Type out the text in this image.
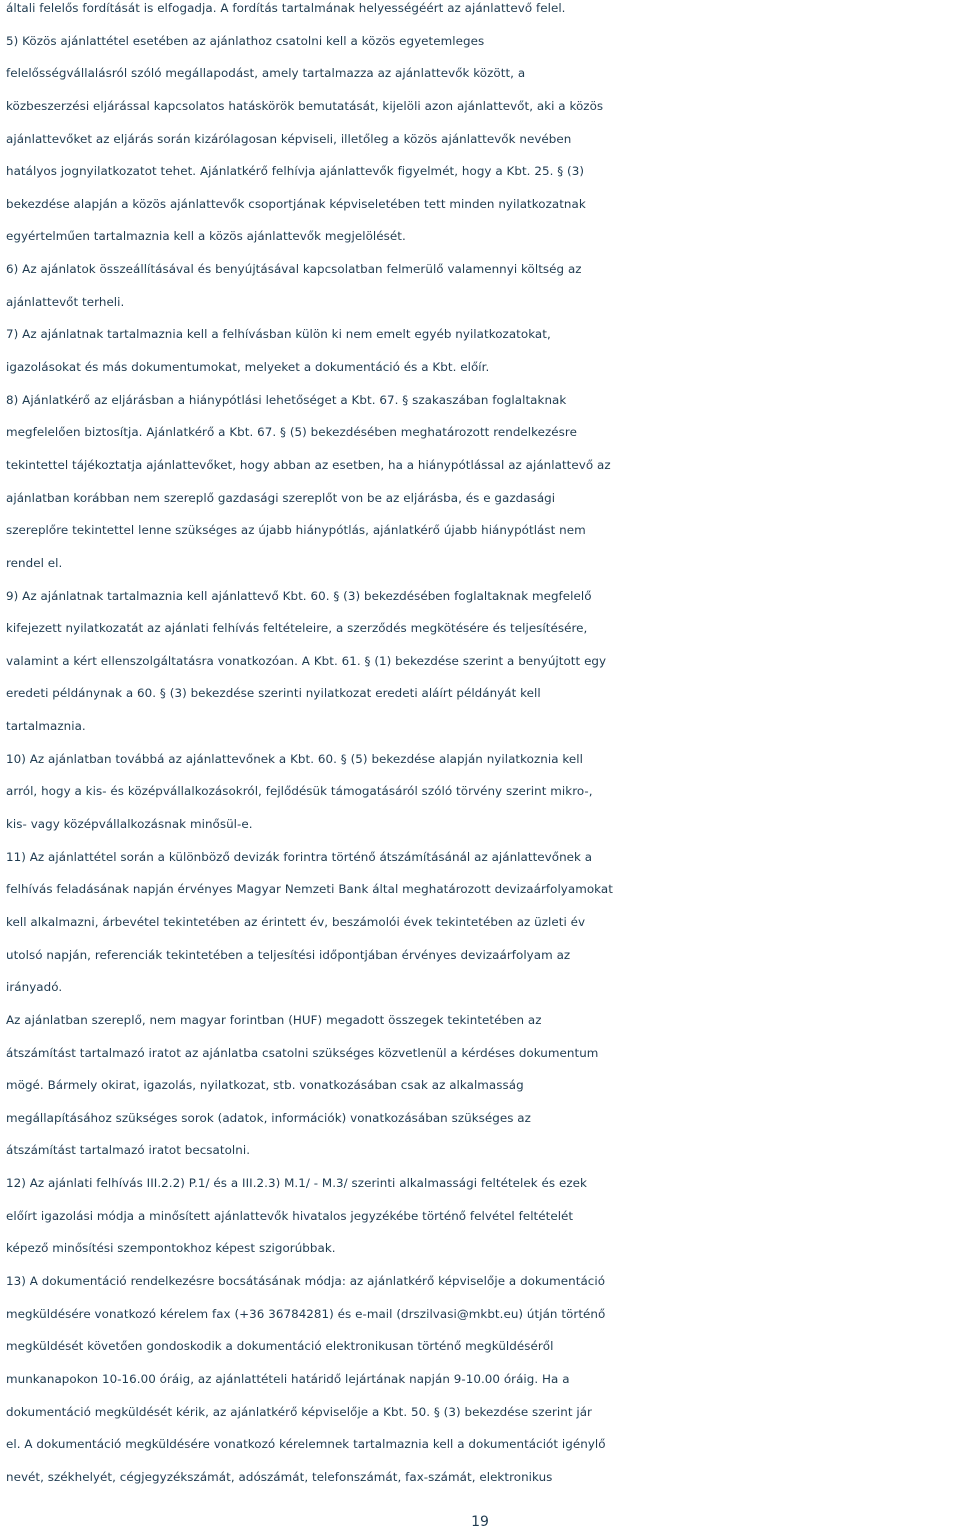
általi felelős fordítását is elfogadja. A fordítás tartalmának helyességéért az ajánlattevő felel.
5) Közös ajánlattétel esetében az ajánlathoz csatolni kell a közös egyetemleges
felelősségvállalásról szóló megállapodást, amely tartalmazza az ajánlattevők között, a
közbeszerzési eljárással kapcsolatos hatáskörök bemutatását, kijelöli azon ajánlattevőt, aki a közös
ajánlattevőket az eljárás során kizárólagosan képviseli, illetőleg a közös ajánlattevők nevében
hatályos jognyilatkozatot tehet. Ajánlatkérő felhívja ajánlattevők figyelmét, hogy a Kbt. 25. § (3)
bekezdése alapján a közös ajánlattevők csoportjának képviseletében tett minden nyilatkozatnak
egyértelműen tartalmaznia kell a közös ajánlattevők megjelölését.
6) Az ajánlatok összeállításával és benyújtásával kapcsolatban felmerülő valamennyi költség az
ajánlattevőt terheli.
7) Az ajánlatnak tartalmaznia kell a felhívásban külön ki nem emelt egyéb nyilatkozatokat,
igazolásokat és más dokumentumokat, melyeket a dokumentáció és a Kbt. előír.
8) Ajánlatkérő az eljárásban a hiánypótlási lehetőséget a Kbt. 67. § szakaszában foglaltaknak
megfelelően biztosítja. Ajánlatkérő a Kbt. 67. § (5) bekezdésében meghatározott rendelkezésre
tekintettel tájékoztatja ajánlattevőket, hogy abban az esetben, ha a hiánypótlással az ajánlattevő az
ajánlatban korábban nem szereplő gazdasági szereplőt von be az eljárásba, és e gazdasági
szereplőre tekintettel lenne szükséges az újabb hiánypótlás, ajánlatkérő újabb hiánypótlást nem
rendel el.
9) Az ajánlatnak tartalmaznia kell ajánlattevő Kbt. 60. § (3) bekezdésében foglaltaknak megfelelő
kifejezett nyilatkozatát az ajánlati felhívás feltételeire, a szerződés megkötésére és teljesítésére,
valamint a kért ellenszolgáltatásra vonatkozóan. A Kbt. 61. § (1) bekezdése szerint a benyújtott egy
eredeti példánynak a 60. § (3) bekezdése szerinti nyilatkozat eredeti aláírt példányát kell
tartalmaznia.
10) Az ajánlatban továbbá az ajánlattevőnek a Kbt. 60. § (5) bekezdése alapján nyilatkoznia kell
arról, hogy a kis- és középvállalkozásokról, fejlődésük támogatásáról szóló törvény szerint mikro-,
kis- vagy középvállalkozásnak minősül-e.
11) Az ajánlattétel során a különböző devizák forintra történő átszámításánál az ajánlattevőnek a
felhívás feladásának napján érvényes Magyar Nemzeti Bank által meghatározott devizaárfolyamokat
kell alkalmazni, árbevétel tekintetében az érintett év, beszámolói évek tekintetében az üzleti év
utolsó napján, referenciák tekintetében a teljesítési időpontjában érvényes devizaárfolyam az
irányadó.
Az ajánlatban szereplő, nem magyar forintban (HUF) megadott összegek tekintetében az
átszámítást tartalmazó iratot az ajánlatba csatolni szükséges közvetlenül a kérdéses dokumentum
mögé. Bármely okirat, igazolás, nyilatkozat, stb. vonatkozásában csak az alkalmasság
megállapításához szükséges sorok (adatok, információk) vonatkozásában szükséges az
átszámítást tartalmazó iratot becsatolni.
12) Az ajánlati felhívás III.2.2) P.1/ és a III.2.3) M.1/ - M.3/ szerinti alkalmassági feltételek és ezek
előírt igazolási módja a minősített ajánlattevők hivatalos jegyzékébe történő felvétel feltételét
képező minősítési szempontokhoz képest szigorúbbak.
13) A dokumentáció rendelkezésre bocsátásának módja: az ajánlatkérő képviselője a dokumentáció
megküldésére vonatkozó kérelem fax (+36 36784281) és e-mail (drszilvasi@mkbt.eu) útján történő
megküldését követően gondoskodik a dokumentáció elektronikusan történő megküldéséről
munkanapokon 10-16.00 óráig, az ajánlattételi határidő lejártának napján 9-10.00 óráig. Ha a
dokumentáció megküldését kérik, az ajánlatkérő képviselője a Kbt. 50. § (3) bekezdése szerint jár
el. A dokumentáció megküldésére vonatkozó kérelemnek tartalmaznia kell a dokumentációt igénylő
nevét, székhelyét, cégjegyzékszámát, adószámát, telefonszámát, fax-számát, elektronikus
19
